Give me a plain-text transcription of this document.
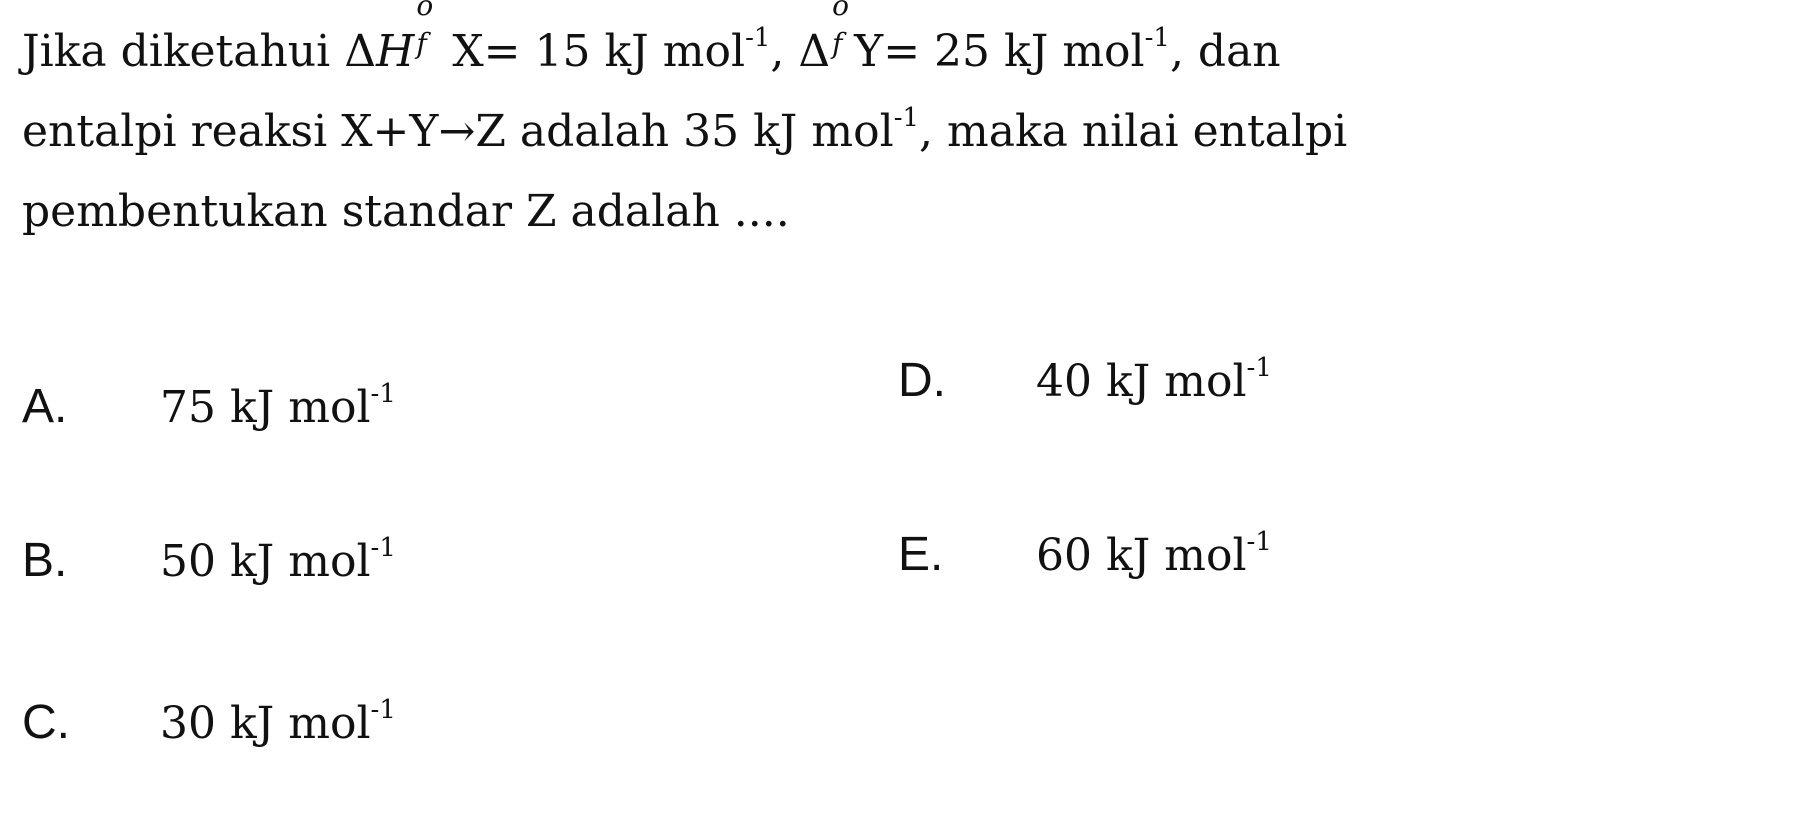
Jika diketahui ΔH
o
f X= 15 kJ mol$^{-1}$, Δ
o
f Y= 25 kJ mol$^{-1}$, dan
entalpi reaksi X+Y→Z adalah 35 kJ mol$^{-1}$, maka nilai entalpi
pembentukan standar Z adalah ....
A. 75 kJ mol$^{-1}$
B. 50 kJ mol$^{-1}$
C. 30 kJ mol$^{-1}$
D. 40 kJ mol$^{-1}$
E. 60 kJ mol$^{-1}$
